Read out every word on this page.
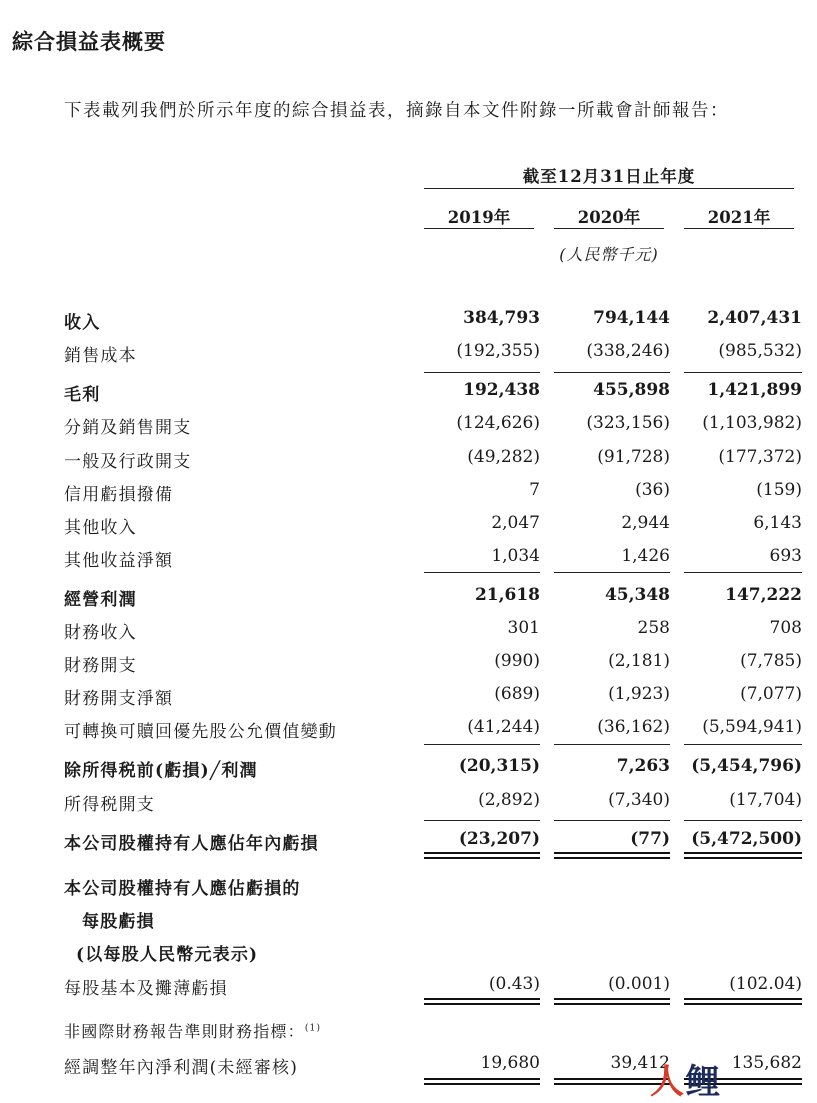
綜合損益表概要
下表載列我們於所示年度的綜合損益表，摘錄自本文件附錄一所載會計師報告：
截至12月31日止年度
2019年	2020年	2021年
(人民幣千元)
收入	384,793	794,144	2,407,431
銷售成本	(192,355)	(338,246)	(985,532)
毛利	192,438	455,898	1,421,899
分銷及銷售開支	(124,626)	(323,156)	(1,103,982)
一般及行政開支	(49,282)	(91,728)	(177,372)
信用虧損撥備	7	(36)	(159)
其他收入	2,047	2,944	6,143
其他收益淨額	1,034	1,426	693
經營利潤	21,618	45,348	147,222
財務收入	301	258	708
財務開支	(990)	(2,181)	(7,785)
財務開支淨額	(689)	(1,923)	(7,077)
可轉換可贖回優先股公允價值變動	(41,244)	(36,162)	(5,594,941)
除所得税前(虧損)╱利潤	(20,315)	7,263	(5,454,796)
所得税開支	(2,892)	(7,340)	(17,704)
本公司股權持有人應佔年內虧損	(23,207)	(77)	(5,472,500)
本公司股權持有人應佔虧損的
每股虧損
(以每股人民幣元表示)
每股基本及攤薄虧損	(0.43)	(0.001)	(102.04)
非國際財務報告準則財務指標：$^{(1)}$
經調整年內淨利潤(未經審核)	19,680	39,412	135,682
人鲤
